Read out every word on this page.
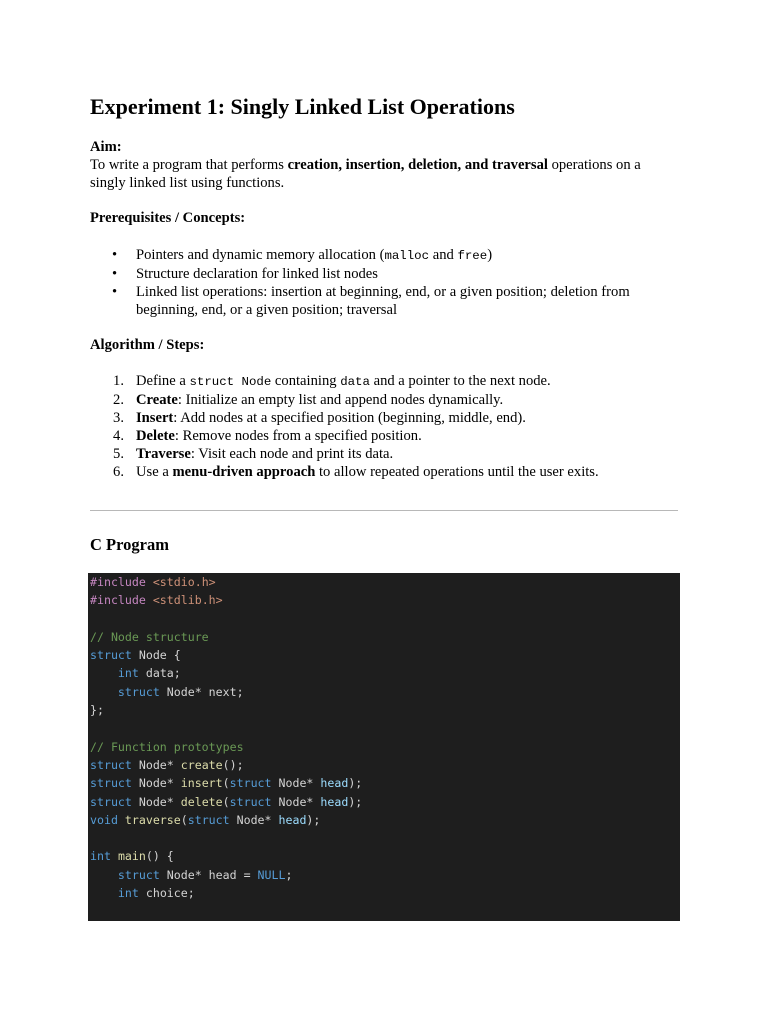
Experiment 1: Singly Linked List Operations
Aim:
To write a program that performs creation, insertion, deletion, and traversal operations on a singly linked list using functions.
Prerequisites / Concepts:
• Pointers and dynamic memory allocation (malloc and free)
• Structure declaration for linked list nodes
• Linked list operations: insertion at beginning, end, or a given position; deletion from beginning, end, or a given position; traversal
Algorithm / Steps:
1. Define a struct Node containing data and a pointer to the next node.
2. Create: Initialize an empty list and append nodes dynamically.
3. Insert: Add nodes at a specified position (beginning, middle, end).
4. Delete: Remove nodes from a specified position.
5. Traverse: Visit each node and print its data.
6. Use a menu-driven approach to allow repeated operations until the user exits.
C Program
#include <stdio.h>
#include <stdlib.h>
// Node structure
struct Node {
int data;
struct Node* next;
};
// Function prototypes
struct Node* create();
struct Node* insert(struct Node* head);
struct Node* delete(struct Node* head);
void traverse(struct Node* head);
int main() {
struct Node* head = NULL;
int choice;
